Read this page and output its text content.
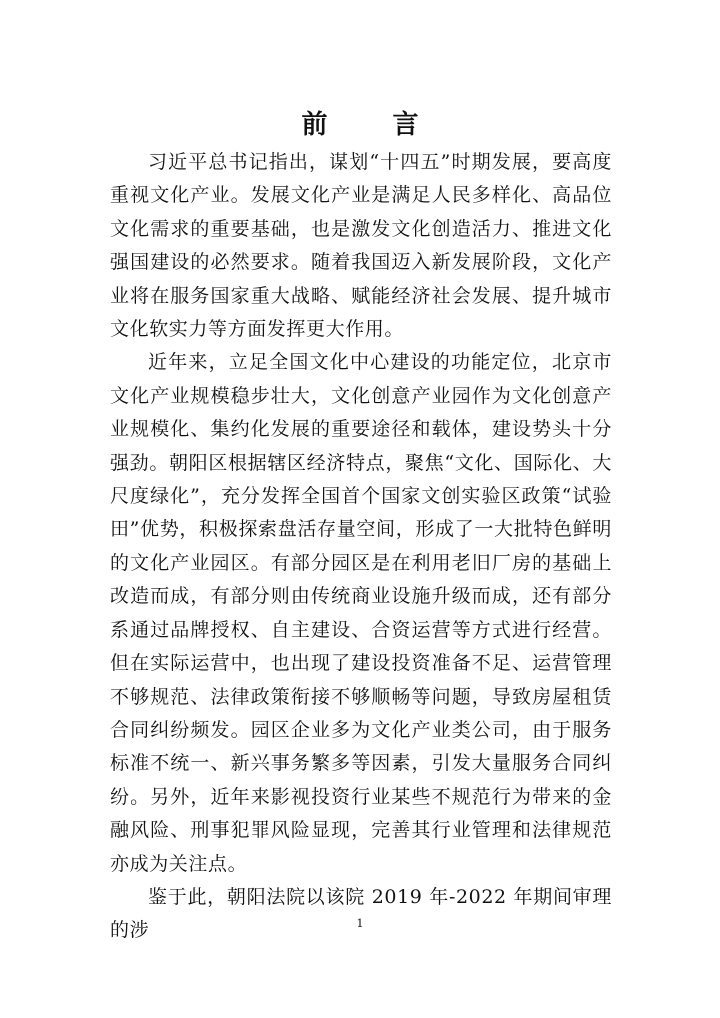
前 言

习近平总书记指出，谋划“十四五”时期发展，要高度重视文化产业。发展文化产业是满足人民多样化、高品位文化需求的重要基础，也是激发文化创造活力、推进文化强国建设的必然要求。随着我国迈入新发展阶段，文化产业将在服务国家重大战略、赋能经济社会发展、提升城市文化软实力等方面发挥更大作用。

近年来，立足全国文化中心建设的功能定位，北京市文化产业规模稳步壮大，文化创意产业园作为文化创意产业规模化、集约化发展的重要途径和载体，建设势头十分强劲。朝阳区根据辖区经济特点，聚焦“文化、国际化、大尺度绿化”，充分发挥全国首个国家文创实验区政策“试验田”优势，积极探索盘活存量空间，形成了一大批特色鲜明的文化产业园区。有部分园区是在利用老旧厂房的基础上改造而成，有部分则由传统商业设施升级而成，还有部分系通过品牌授权、自主建设、合资运营等方式进行经营。但在实际运营中，也出现了建设投资准备不足、运营管理不够规范、法律政策衔接不够顺畅等问题，导致房屋租赁合同纠纷频发。园区企业多为文化产业类公司，由于服务标准不统一、新兴事务繁多等因素，引发大量服务合同纠纷。另外，近年来影视投资行业某些不规范行为带来的金融风险、刑事犯罪风险显现，完善其行业管理和法律规范亦成为关注点。

鉴于此，朝阳法院以该院 2019 年-2022 年期间审理的涉	1
